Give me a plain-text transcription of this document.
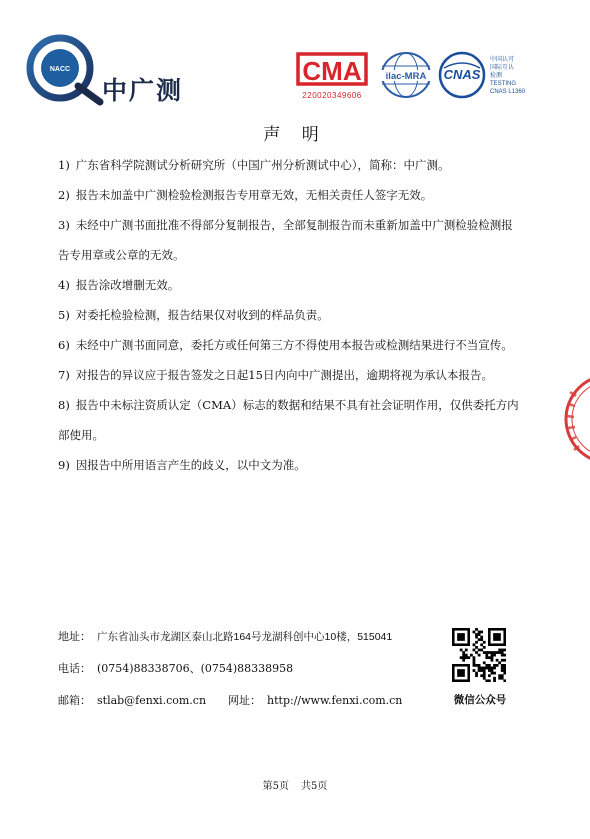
NACC
中广测
CMA
220020349606
ilac-MRA CNAS
中国认可
国际互认
检测
TESTING
CNAS L1360
声 明

1) 广东省科学院测试分析研究所（中国广州分析测试中心），简称：中广测。

2) 报告未加盖中广测检验检测报告专用章无效，无相关责任人签字无效。

3) 未经中广测书面批准不得部分复制报告，全部复制报告而未重新加盖中广测检验检测报
告专用章或公章的无效。

4) 报告涂改增删无效。

5) 对委托检验检测，报告结果仅对收到的样品负责。

6) 未经中广测书面同意，委托方或任何第三方不得使用本报告或检测结果进行不当宣传。

7) 对报告的异议应于报告签发之日起15日内向中广测提出，逾期将视为承认本报告。

8) 报告中未标注资质认定（CMA）标志的数据和结果不具有社会证明作用，仅供委托方内
部使用。

9) 因报告中所用语言产生的歧义，以中文为准。

地址： 广东省汕头市龙湖区泰山北路164号龙湖科创中心10楼，515041
电话： (0754)88338706、(0754)88338958
邮箱： stlab@fenxi.com.cn 网址： http://www.fenxi.com.cn	微信公众号
第5页 共5页
